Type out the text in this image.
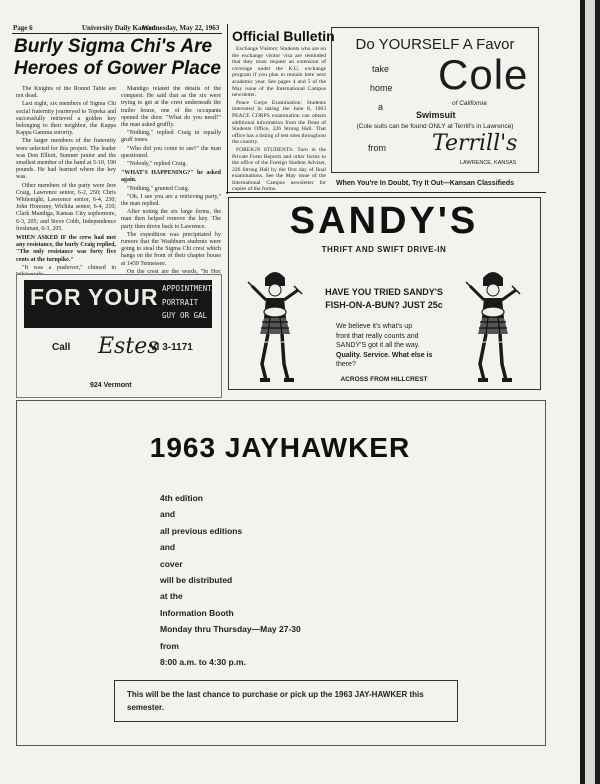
Page 6	University Daily Kansan
Wednesday, May 22, 1963
Burly Sigma Chi's Are Heroes of Gower Place

The Knights of the Round Table are not dead.

Last night, six members of Sigma Chi social fraternity journeyed to Topeka and successfully retrieved a golden key belonging to their neighbor, the Kappa Kappa Gamma sorority.

The larger members of the fraternity were selected for this project. The leader was Don Elliott, Sumner junior and the smallest member of the band at 5-10, 190 pounds. He had learned where the key was.

Other members of the party were Jere Craig, Lawrence senior, 6-2, 250; Chris Whitenight, Lawrence senior, 6-4, 230; John Horesmy, Wichita senior, 6-4, 210; Clark Mandiga, Kansas City sophomore, 6-3, 205; and Steve Cobb, Independence freshman, 6-3, 205.

WHEN ASKED IF the crew had met any resistance, the burly Craig replied, "The only resistance was forty five cents at the turnpike."

"It was a pushover," chimed in

Mandigo related the details of the conquest. He said that as the six were trying to get at the crest underneath the trailer house, one of the occupants opened the door. "What do you need?" the man asked gruffly.

"Nothing," replied Craig in equally gruff tones.

"Who did you come to see?" the man questioned.

"Nobody," replied Craig.

"WHAT'S HAPPENING?" he asked again.

"Nothing," grunted Craig.

"Oh, I see you are a retrieving party," the man replied.

After noting the six large forms, the man then helped remove the key. The party then drove back to Lawrence.

The expedition was precipitated by rumors that the Washburn students were going to steal the Sigma Chi crest which hangs on the front of their chapter house at 1439 Tennessee.

On the crest are the words, "In Hoc

Official Bulletin

Exchange Visitors: Students who are on the exchange visitor visa are reminded that they must request an extension of coverage under the K.U. exchange program if you plan to remain here next academic year. See pages 4 and 5 of the May issue of the International Campus newsletter.

Peace Corps Examination: Students interested in taking the June 8, 1963 PEACE CORPS examination can obtain additional information from the Dean of Students Office, 226 Strong Hall. That office has a listing of test sites throughout the country.

FOREIGN STUDENTS: Turn in the Private Form Reports and other forms to the office of the Foreign Student Adviser, 226 Strong Hall by the first day of final examinations. See the May issue of the International Campus newsletter for copies of the forms.

Do YOURSELF A Favor
take
home
a
Cole
of California
Swimsuit
(Cole suits can be found ONLY at Terrill's in Lawrence)
from Terrill's
LAWRENCE, KANSAS
When You're In Doubt, Try It Out—Kansan Classifieds
SANDY'S
THRIFT AND SWIFT DRIVE-IN
HAVE YOU TRIED SANDY'S
FISH-ON-A-BUN? JUST 25c
We believe it's what's up
front that really counts and
SANDY'S got it all the way.
Quality. Service. What else is
there?
ACROSS FROM HILLCREST
FOR YOUR APPOINTMENT
PORTRAIT
GUY OR GAL
Call Estes
VI 3-1171
924 Vermont
1963 JAYHAWKER
4th edition
and
all previous editions
and
cover
will be distributed
at the
Information Booth
Monday thru Thursday—May 27-30
from
8:00 a.m. to 4:30 p.m.
This will be the last chance to purchase or pick up the 1963 JAY-HAWKER this semester.
